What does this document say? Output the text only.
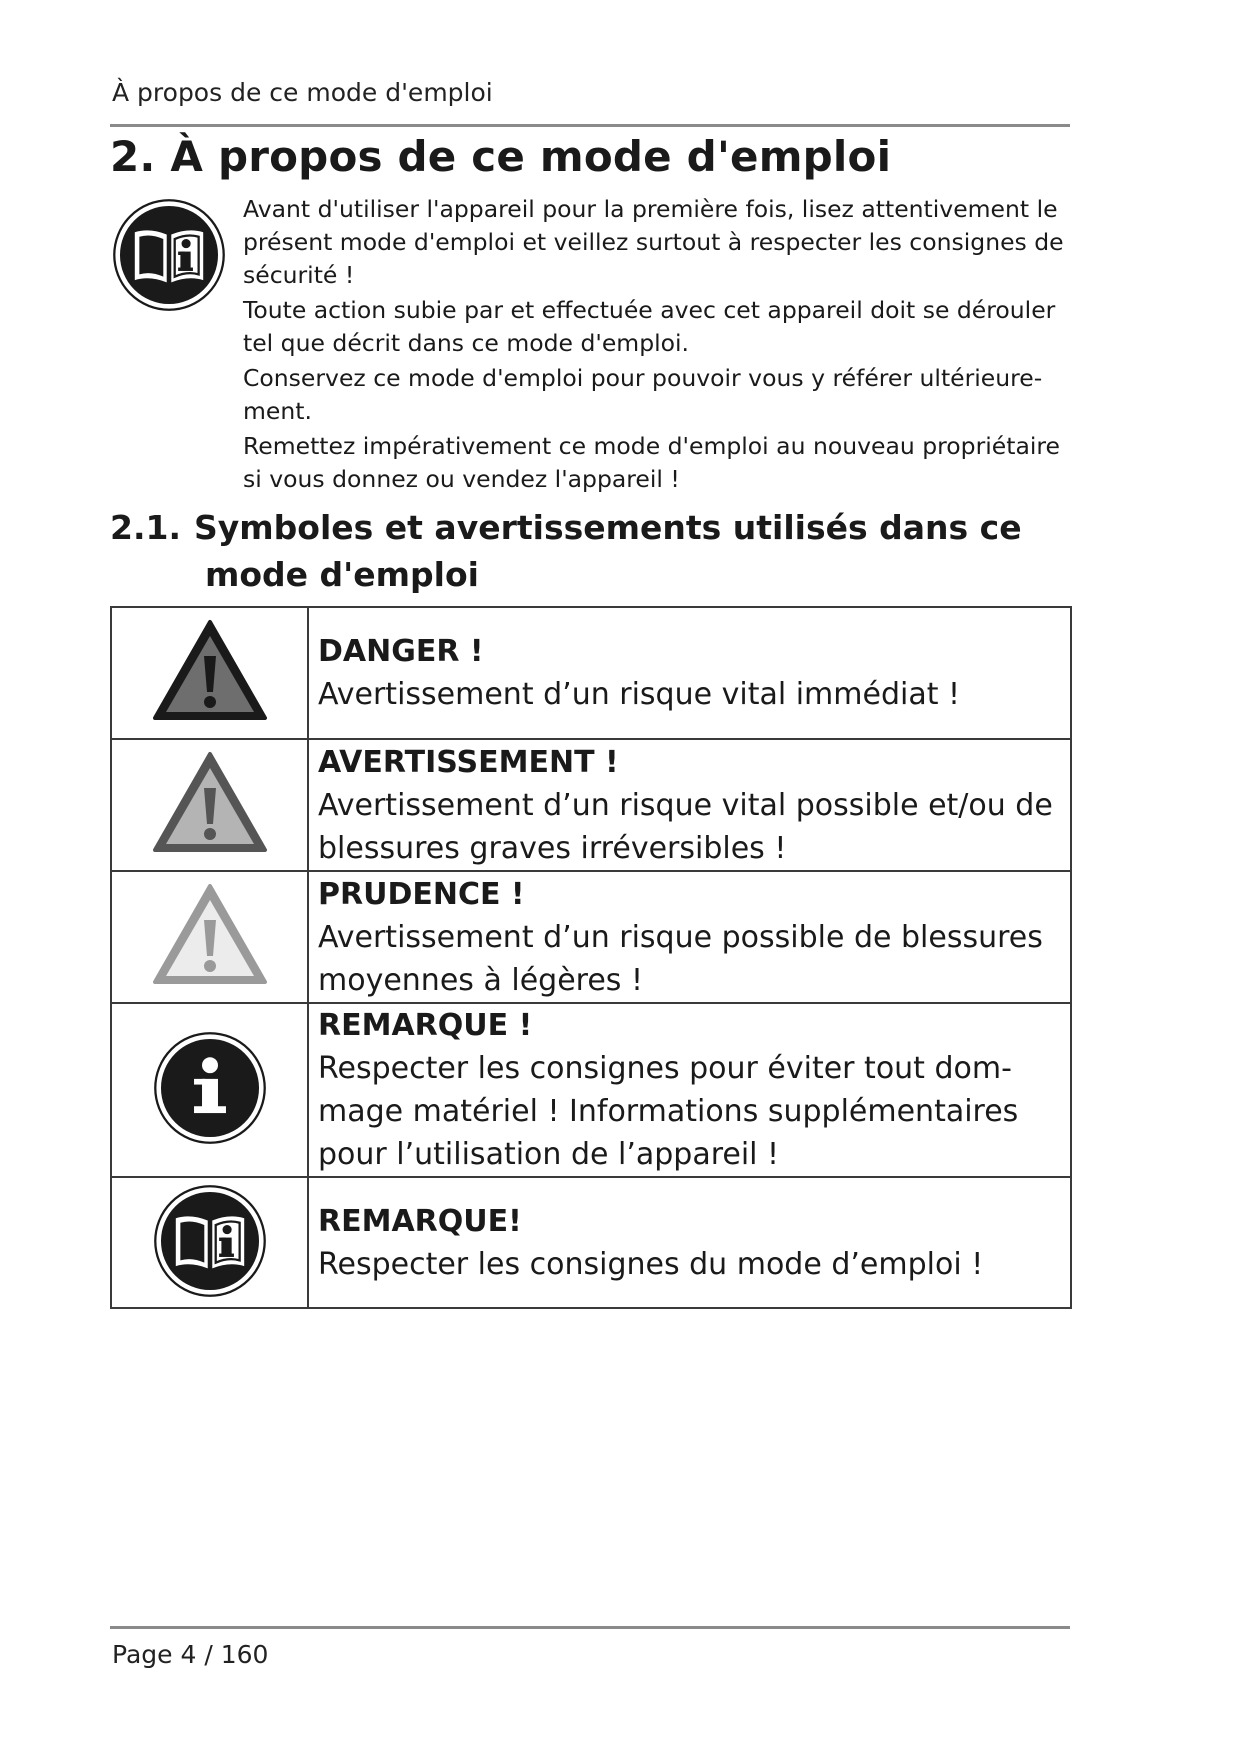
À propos de ce mode d'emploi
2. À propos de ce mode d'emploi

Avant d'utiliser l'appareil pour la première fois, lisez attentivement le présent mode d'emploi et veillez surtout à respecter les consignes de sécurité !

Toute action subie par et effectuée avec cet appareil doit se dérouler tel que décrit dans ce mode d'emploi.

Conservez ce mode d'emploi pour pouvoir vous y référer ultérieure- ment.

Remettez impérativement ce mode d'emploi au nouveau propriétaire si vous donnez ou vendez l'appareil !

2.1. Symboles et avertissements utilisés dans ce
mode d'emploi

DANGER !
Avertissement d’un risque vital immédiat !

AVERTISSEMENT !
Avertissement d’un risque vital possible et/ou de blessures graves irréversibles !

PRUDENCE !
Avertissement d’un risque possible de blessures moyennes à légères !

REMARQUE !
Respecter les consignes pour éviter tout dom- mage matériel ! Informations supplémentaires pour l’utilisation de l’appareil !

REMARQUE!
Respecter les consignes du mode d’emploi !
Page 4 / 160
